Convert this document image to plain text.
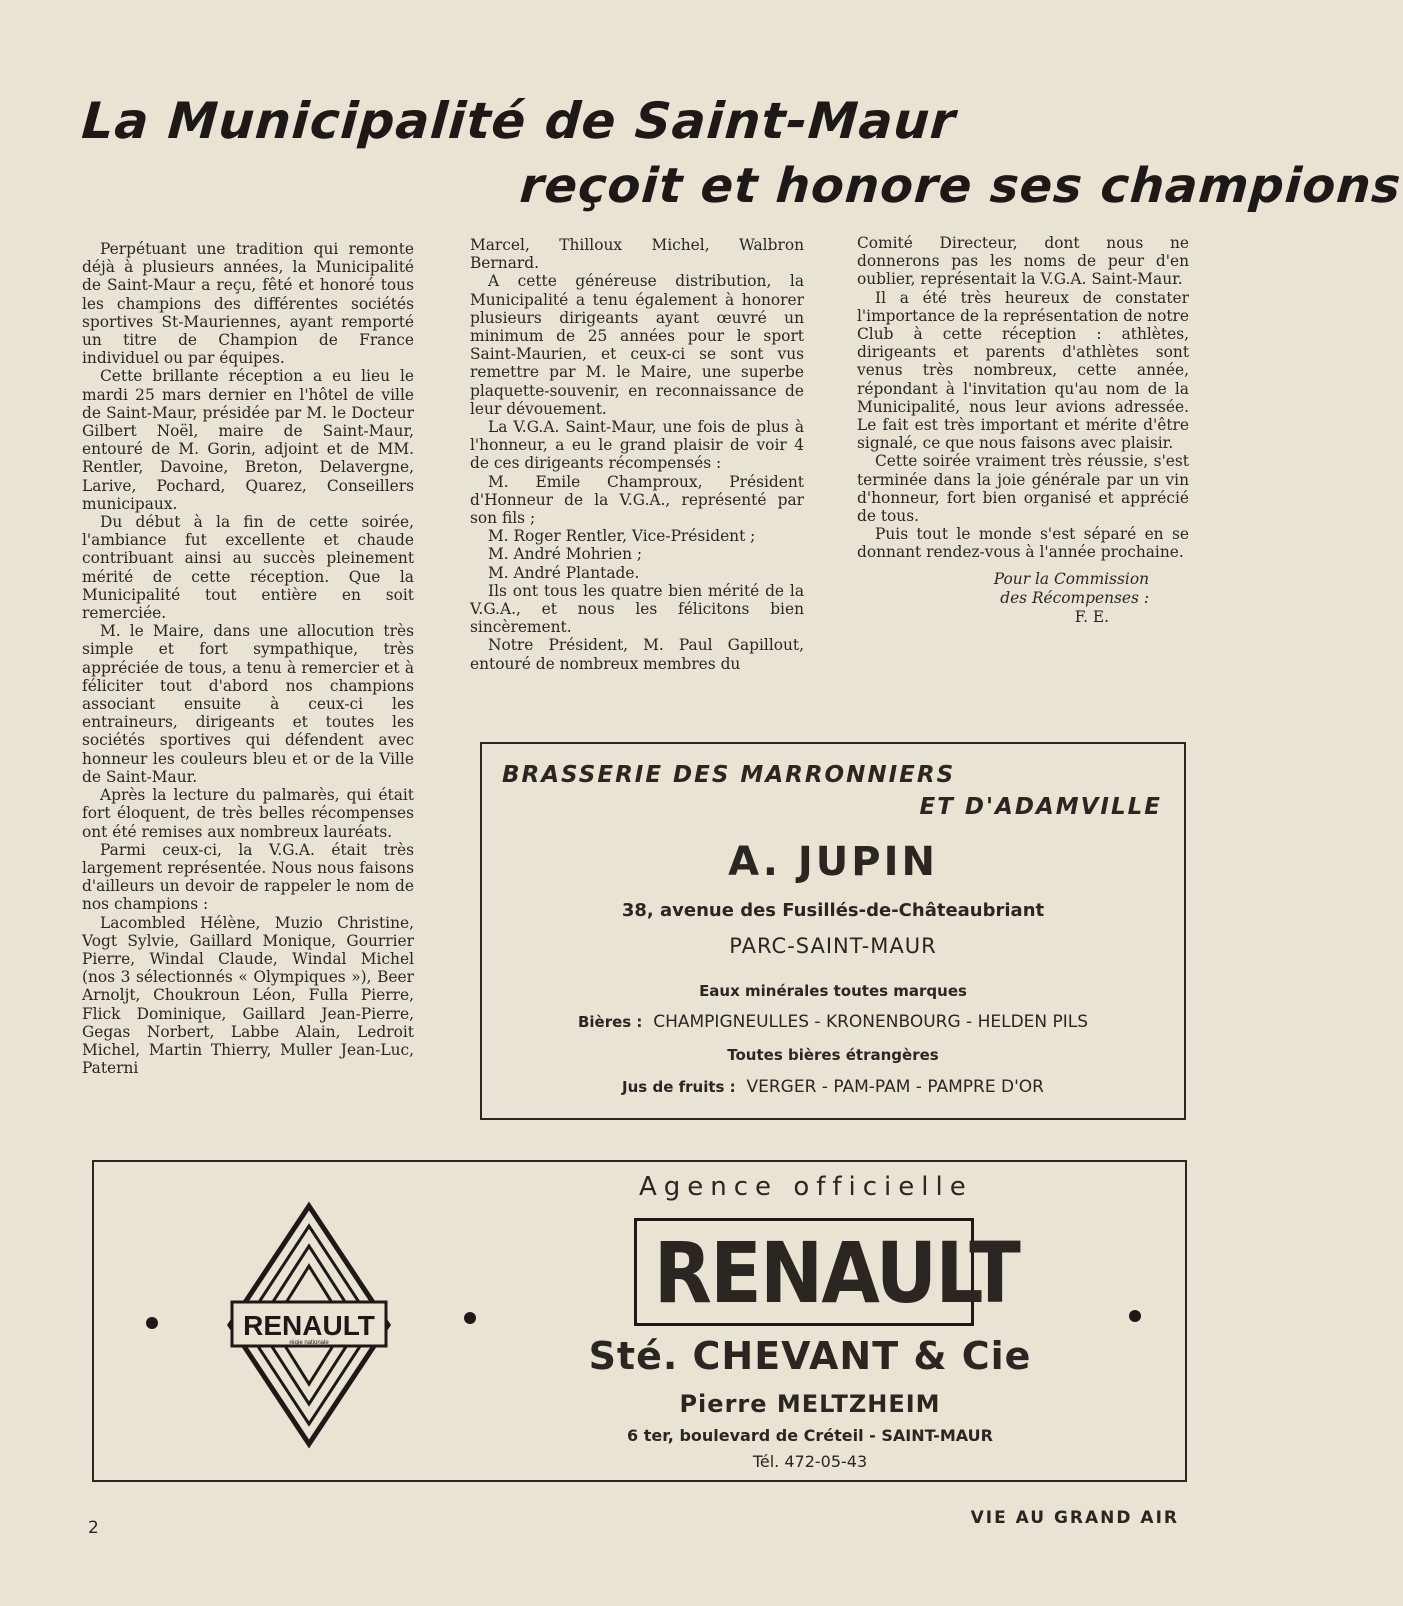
La Municipalité de Saint-Maur
reçoit et honore ses champions

Perpétuant une tradition qui remonte déjà à plusieurs années, la Municipalité de Saint-Maur a reçu, fêté et honoré tous les champions des différentes sociétés sportives St-Mauriennes, ayant remporté un titre de Champion de France individuel ou par équipes.

Cette brillante réception a eu lieu le mardi 25 mars dernier en l'hôtel de ville de Saint-Maur, présidée par M. le Docteur Gilbert Noël, maire de Saint-Maur, entouré de M. Gorin, adjoint et de MM. Rentler, Davoine, Breton, Delavergne, Larive, Pochard, Quarez, Conseillers municipaux.

Du début à la fin de cette soirée, l'ambiance fut excellente et chaude contribuant ainsi au succès pleinement mérité de cette réception. Que la Municipalité tout entière en soit remerciée.

M. le Maire, dans une allocution très simple et fort sympathique, très appréciée de tous, a tenu à remercier et à féliciter tout d'abord nos champions associant ensuite à ceux-ci les entraineurs, dirigeants et toutes les sociétés sportives qui défendent avec honneur les couleurs bleu et or de la Ville de Saint-Maur.

Après la lecture du palmarès, qui était fort éloquent, de très belles récompenses ont été remises aux nombreux lauréats.

Parmi ceux-ci, la V.G.A. était très largement représentée. Nous nous faisons d'ailleurs un devoir de rappeler le nom de nos champions :

Lacombled Hélène, Muzio Christine, Vogt Sylvie, Gaillard Monique, Gourrier Pierre, Windal Claude, Windal Michel (nos 3 sélectionnés « Olympiques »), Beer Arnoljt, Choukroun Léon, Fulla Pierre, Flick Dominique, Gaillard Jean-Pierre, Gegas Norbert, Labbe Alain, Ledroit Michel, Martin Thierry, Muller Jean-Luc, Paterni

Marcel, Thilloux Michel, Walbron Bernard.

A cette généreuse distribution, la Municipalité a tenu également à honorer plusieurs dirigeants ayant œuvré un minimum de 25 années pour le sport Saint-Maurien, et ceux-ci se sont vus remettre par M. le Maire, une superbe plaquette-souvenir, en reconnaissance de leur dévouement.

La V.G.A. Saint-Maur, une fois de plus à l'honneur, a eu le grand plaisir de voir 4 de ces dirigeants récompensés :

M. Emile Champroux, Président d'Honneur de la V.G.A., représenté par son fils ;

M. Roger Rentler, Vice-Président ;

M. André Mohrien ;

M. André Plantade.

Ils ont tous les quatre bien mérité de la V.G.A., et nous les félicitons bien sincèrement.

Notre Président, M. Paul Gapillout, entouré de nombreux membres du

Comité Directeur, dont nous ne donnerons pas les noms de peur d'en oublier, représentait la V.G.A. Saint-Maur.

Il a été très heureux de constater l'importance de la représentation de notre Club à cette réception : athlètes, dirigeants et parents d'athlètes sont venus très nombreux, cette année, répondant à l'invitation qu'au nom de la Municipalité, nous leur avions adressée. Le fait est très important et mérite d'être signalé, ce que nous faisons avec plaisir.

Cette soirée vraiment très réussie, s'est terminée dans la joie générale par un vin d'honneur, fort bien organisé et apprécié de tous.

Puis tout le monde s'est séparé en se donnant rendez-vous à l'année prochaine.

Pour la Commission
des Récompenses :

F. E.
BRASSERIE DES MARRONNIERS
ET D'ADAMVILLE
A. JUPIN
38, avenue des Fusillés-de-Châteaubriant
PARC-SAINT-MAUR
Eaux minérales toutes marques
Bières : CHAMPIGNEULLES - KRONENBOURG - HELDEN PILS
Toutes bières étrangères
Jus de fruits : VERGER - PAM-PAM - PAMPRE D'OR
RENAULT
régie nationale
Agence officielle
RENAULT
Sté. CHEVANT & Cie
Pierre MELTZHEIM
6 ter, boulevard de Créteil - SAINT-MAUR
Tél. 472-05-43
2	VIE AU GRAND AIR
